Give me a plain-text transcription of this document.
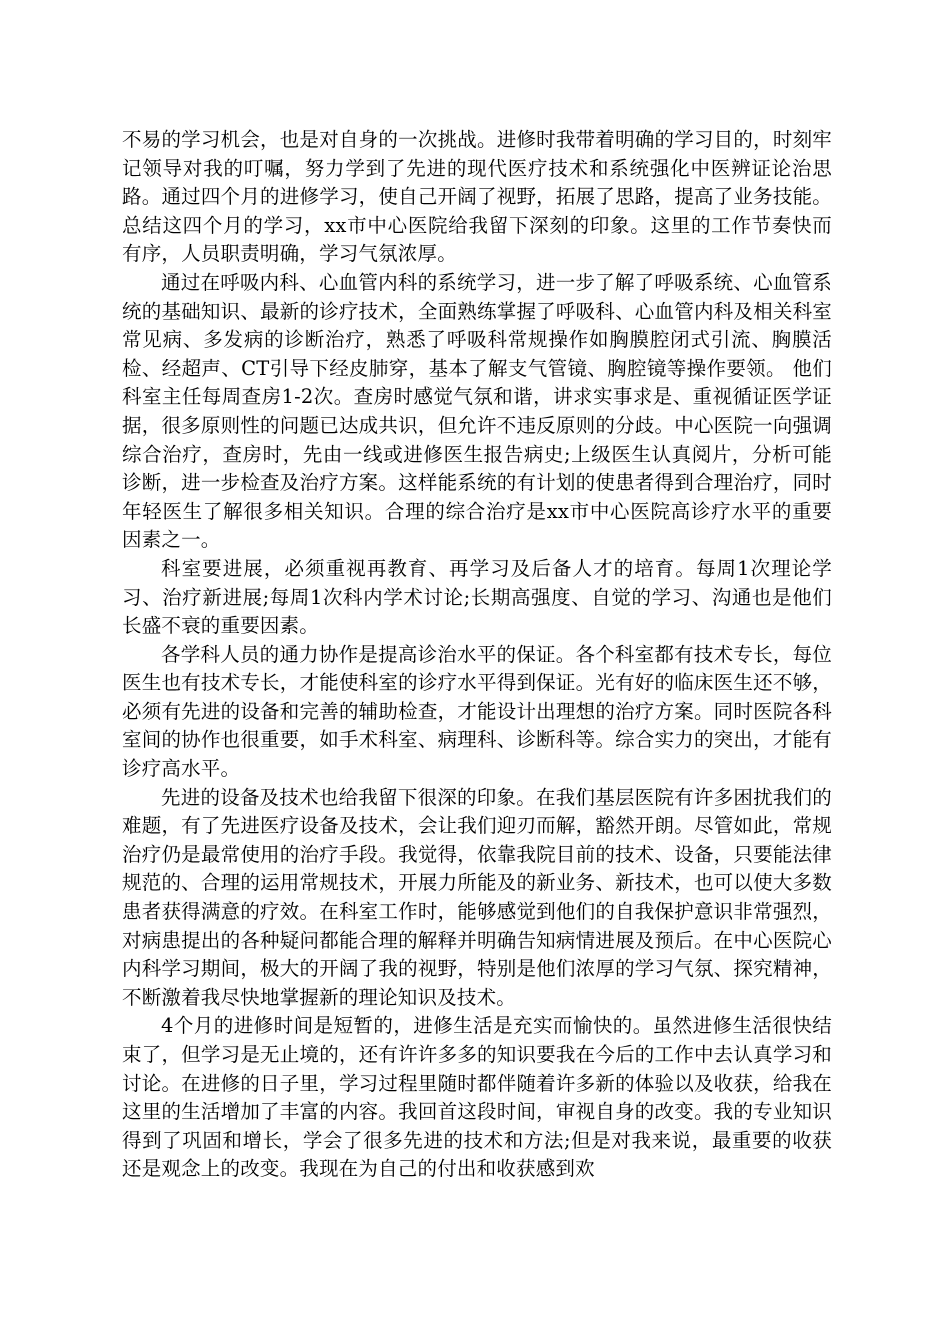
不易的学习机会，也是对自身的一次挑战。进修时我带着明确的学习目的，时刻牢记领导对我的叮嘱，努力学到了先进的现代医疗技术和系统强化中医辨证论治思路。通过四个月的进修学习，使自己开阔了视野，拓展了思路，提高了业务技能。总结这四个月的学习，xx市中心医院给我留下深刻的印象。这里的工作节奏快而有序，人员职责明确，学习气氛浓厚。

通过在呼吸内科、心血管内科的系统学习，进一步了解了呼吸系统、心血管系统的基础知识、最新的诊疗技术，全面熟练掌握了呼吸科、心血管内科及相关科室常见病、多发病的诊断治疗，熟悉了呼吸科常规操作如胸膜腔闭式引流、胸膜活检、经超声、CT引导下经皮肺穿，基本了解支气管镜、胸腔镜等操作要领。 他们科室主任每周查房1-2次。查房时感觉气氛和谐，讲求实事求是、重视循证医学证据，很多原则性的问题已达成共识，但允许不违反原则的分歧。中心医院一向强调综合治疗，查房时，先由一线或进修医生报告病史;上级医生认真阅片，分析可能诊断，进一步检查及治疗方案。这样能系统的有计划的使患者得到合理治疗，同时年轻医生了解很多相关知识。合理的综合治疗是xx市中心医院高诊疗水平的重要因素之一。

科室要进展，必须重视再教育、再学习及后备人才的培育。每周1次理论学习、治疗新进展;每周1次科内学术讨论;长期高强度、自觉的学习、沟通也是他们长盛不衰的重要因素。

各学科人员的通力协作是提高诊治水平的保证。各个科室都有技术专长，每位医生也有技术专长，才能使科室的诊疗水平得到保证。光有好的临床医生还不够，必须有先进的设备和完善的辅助检查，才能设计出理想的治疗方案。同时医院各科室间的协作也很重要，如手术科室、病理科、诊断科等。综合实力的突出，才能有诊疗高水平。

先进的设备及技术也给我留下很深的印象。在我们基层医院有许多困扰我们的难题，有了先进医疗设备及技术，会让我们迎刃而解，豁然开朗。尽管如此，常规治疗仍是最常使用的治疗手段。我觉得，依靠我院目前的技术、设备，只要能法律规范的、合理的运用常规技术，开展力所能及的新业务、新技术，也可以使大多数患者获得满意的疗效。在科室工作时，能够感觉到他们的自我保护意识非常强烈，对病患提出的各种疑问都能合理的解释并明确告知病情进展及预后。在中心医院心内科学习期间，极大的开阔了我的视野，特别是他们浓厚的学习气氛、探究精神，不断激着我尽快地掌握新的理论知识及技术。

4个月的进修时间是短暂的，进修生活是充实而愉快的。虽然进修生活很快结束了，但学习是无止境的，还有许许多多的知识要我在今后的工作中去认真学习和讨论。在进修的日子里，学习过程里随时都伴随着许多新的体验以及收获，给我在这里的生活增加了丰富的内容。我回首这段时间，审视自身的改变。我的专业知识得到了巩固和增长，学会了很多先进的技术和方法;但是对我来说，最重要的收获还是观念上的改变。我现在为自己的付出和收获感到欢
